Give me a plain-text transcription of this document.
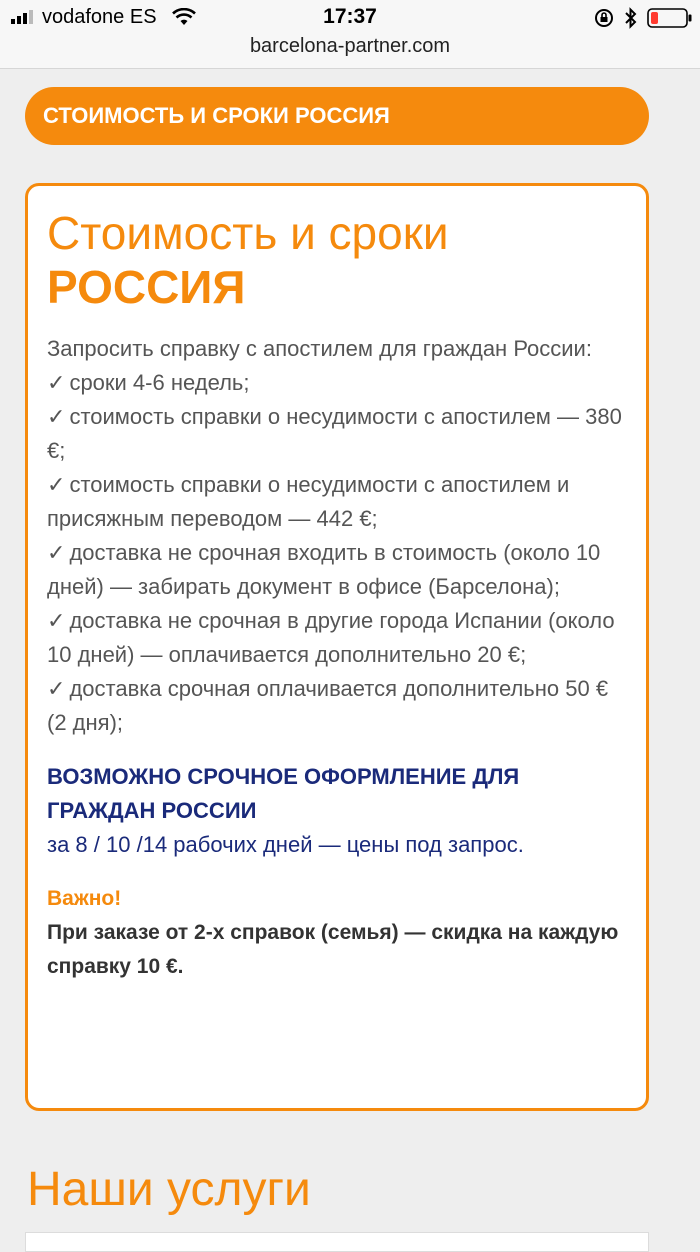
vodafone ES	17:37
barcelona-partner.com
СТОИМОСТЬ И СРОКИ РОССИЯ
Стоимость и сроки
РОССИЯ
Запросить справку с апостилем для граждан России:
✓ сроки 4-6 недель;
✓ стоимость справки о несудимости с апостилем — 380 €;
✓ стоимость справки о несудимости с апостилем и присяжным переводом — 442 €;
✓ доставка не срочная входить в стоимость (около 10 дней) — забирать документ в офисе (Барселона);
✓ доставка не срочная в другие города Испании (около 10 дней) — оплачивается дополнительно 20 €;
✓ доставка срочная оплачивается дополнительно 50 € (2 дня);
ВОЗМОЖНО СРОЧНОЕ ОФОРМЛЕНИЕ ДЛЯ ГРАЖДАН РОССИИ
за 8 / 10 /14 рабочих дней — цены под запрос.
Важно!
При заказе от 2-х справок (семья) — скидка на каждую справку 10 €.
Наши услуги
